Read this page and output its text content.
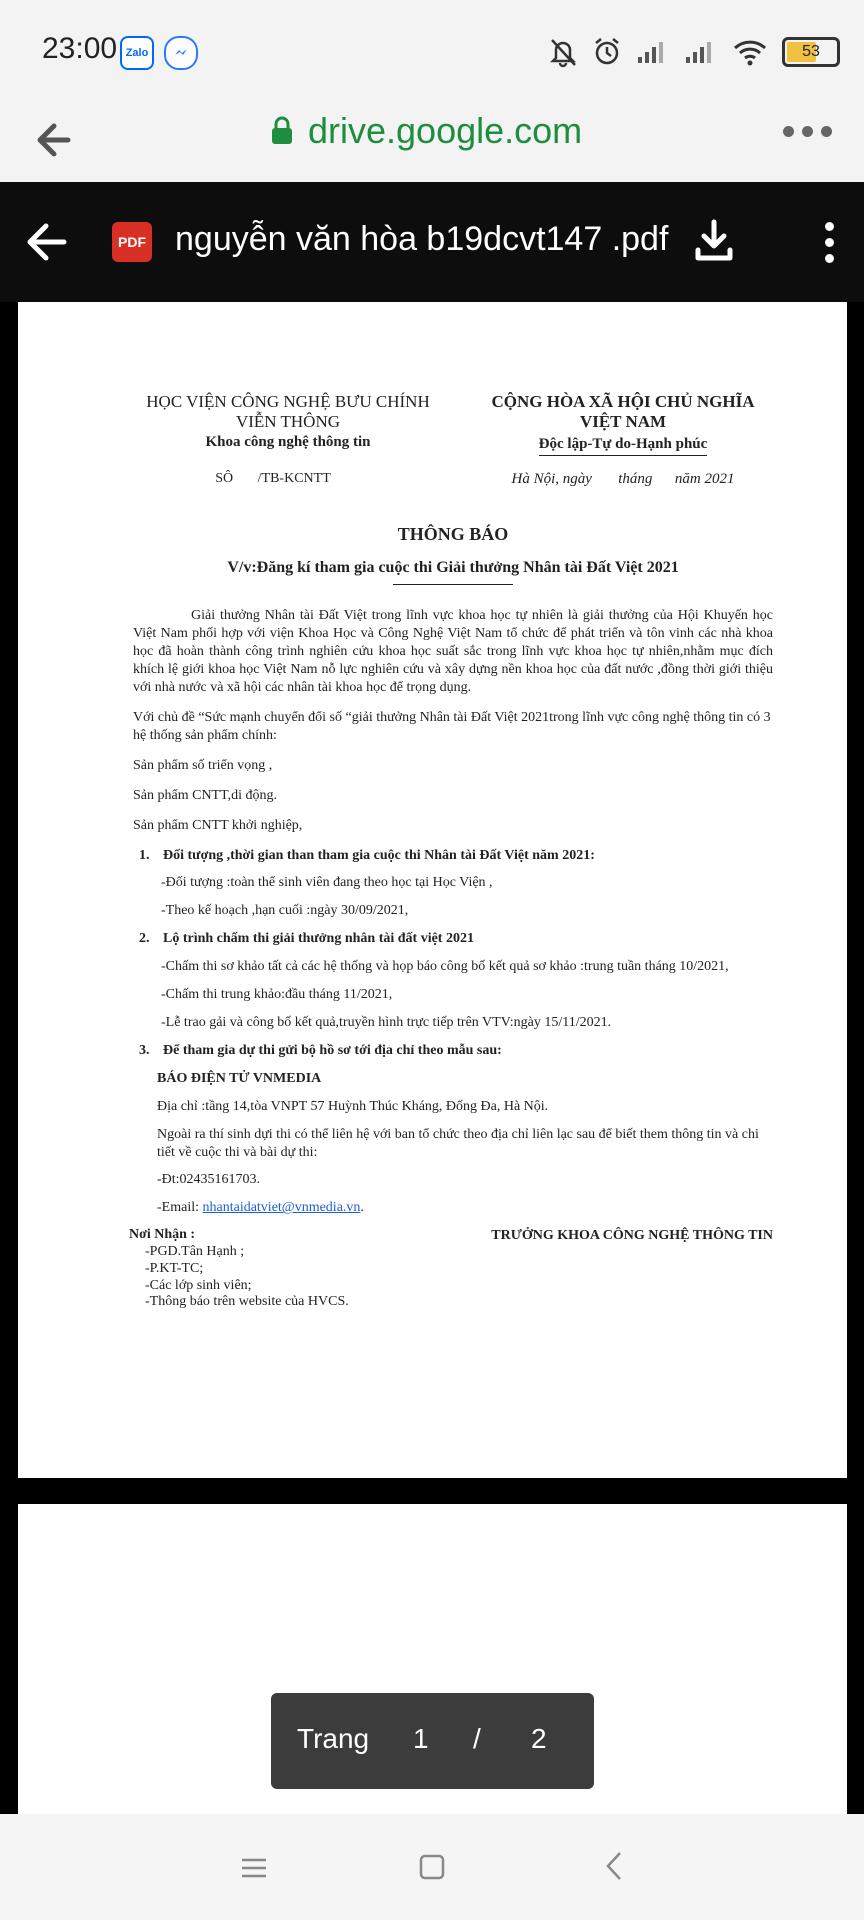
23:00 Zalo	53
drive.google.com
PDF nguyễn văn hòa b19dcvt147 .pdf
HỌC VIỆN CÔNG NGHỆ BƯU CHÍNH
VIỄN THÔNG
Khoa công nghệ thông tin
CỘNG HÒA XÃ HỘI CHỦ NGHĨA
VIỆT NAM
Độc lập-Tự do-Hạnh phúc
SÔ       /TB-KCNTT	Hà Nội, ngày       tháng      năm 2021
THÔNG BÁO
V/v:Đăng kí tham gia cuộc thi Giải thưởng Nhân tài Đất Việt 2021

Giải thưởng Nhân tài Đất Việt trong lĩnh vực khoa học tự nhiên là giải thưởng của Hội Khuyến học Việt Nam phối hợp với viện Khoa Học và Công Nghệ Việt Nam tổ chức để phát triển và tôn vinh các nhà khoa học đã hoàn thành công trình nghiên cứu khoa học suất sắc trong lĩnh vực khoa học tự nhiên,nhằm mục đích khích lệ giới khoa học Việt Nam nỗ lực nghiên cứu và xây dựng nền khoa học của đất nước ,đồng thời giới thiệu với nhà nước và xã hội các nhân tài khoa học để trọng dụng.

Với chủ đề “Sức mạnh chuyển đổi số “giải thưởng Nhân tài Đất Việt 2021trong lĩnh vực công nghệ thông tin có 3 hệ thống sản phẩm chính:

Sản phẩm số triển vọng ,

Sản phẩm CNTT,di động.

Sản phẩm CNTT khởi nghiệp,

1. Đối tượng ,thời gian than tham gia cuộc thi Nhân tài Đất Việt năm 2021:
-Đối tượng :toàn thể sinh viên đang theo học tại Học Viện ,
-Theo kế hoạch ,hạn cuối :ngày 30/09/2021,
2. Lộ trình chấm thi giải thưởng nhân tài đất việt 2021
-Chấm thi sơ khảo tất cả các hệ thống và họp báo công bố kết quả sơ khảo :trung tuần tháng 10/2021,
-Chấm thi trung khảo:đầu tháng 11/2021,
-Lễ trao gải và công bố kết quả,truyền hình trực tiếp trên VTV:ngày 15/11/2021.
3. Để tham gia dự thi gửi bộ hồ sơ tới địa chỉ theo mẫu sau:
BÁO ĐIỆN TỬ VNMEDIA
Địa chỉ :tầng 14,tòa VNPT 57 Huỳnh Thúc Kháng, Đống Đa, Hà Nội.
Ngoài ra thí sinh dựi thi có thể liên hệ với ban tổ chức theo địa chỉ liên lạc sau để biết them thông tin và chi tiết về cuộc thi và bài dự thi:
-Đt:02435161703.
-Email: nhantaidatviet@vnmedia.vn.
Nơi Nhận :
-PGD.Tân Hạnh ;
-P.KT-TC;
-Các lớp sinh viên;
-Thông báo trên website của HVCS.
TRƯỞNG KHOA CÔNG NGHỆ THÔNG TIN
Trang 1 / 2
